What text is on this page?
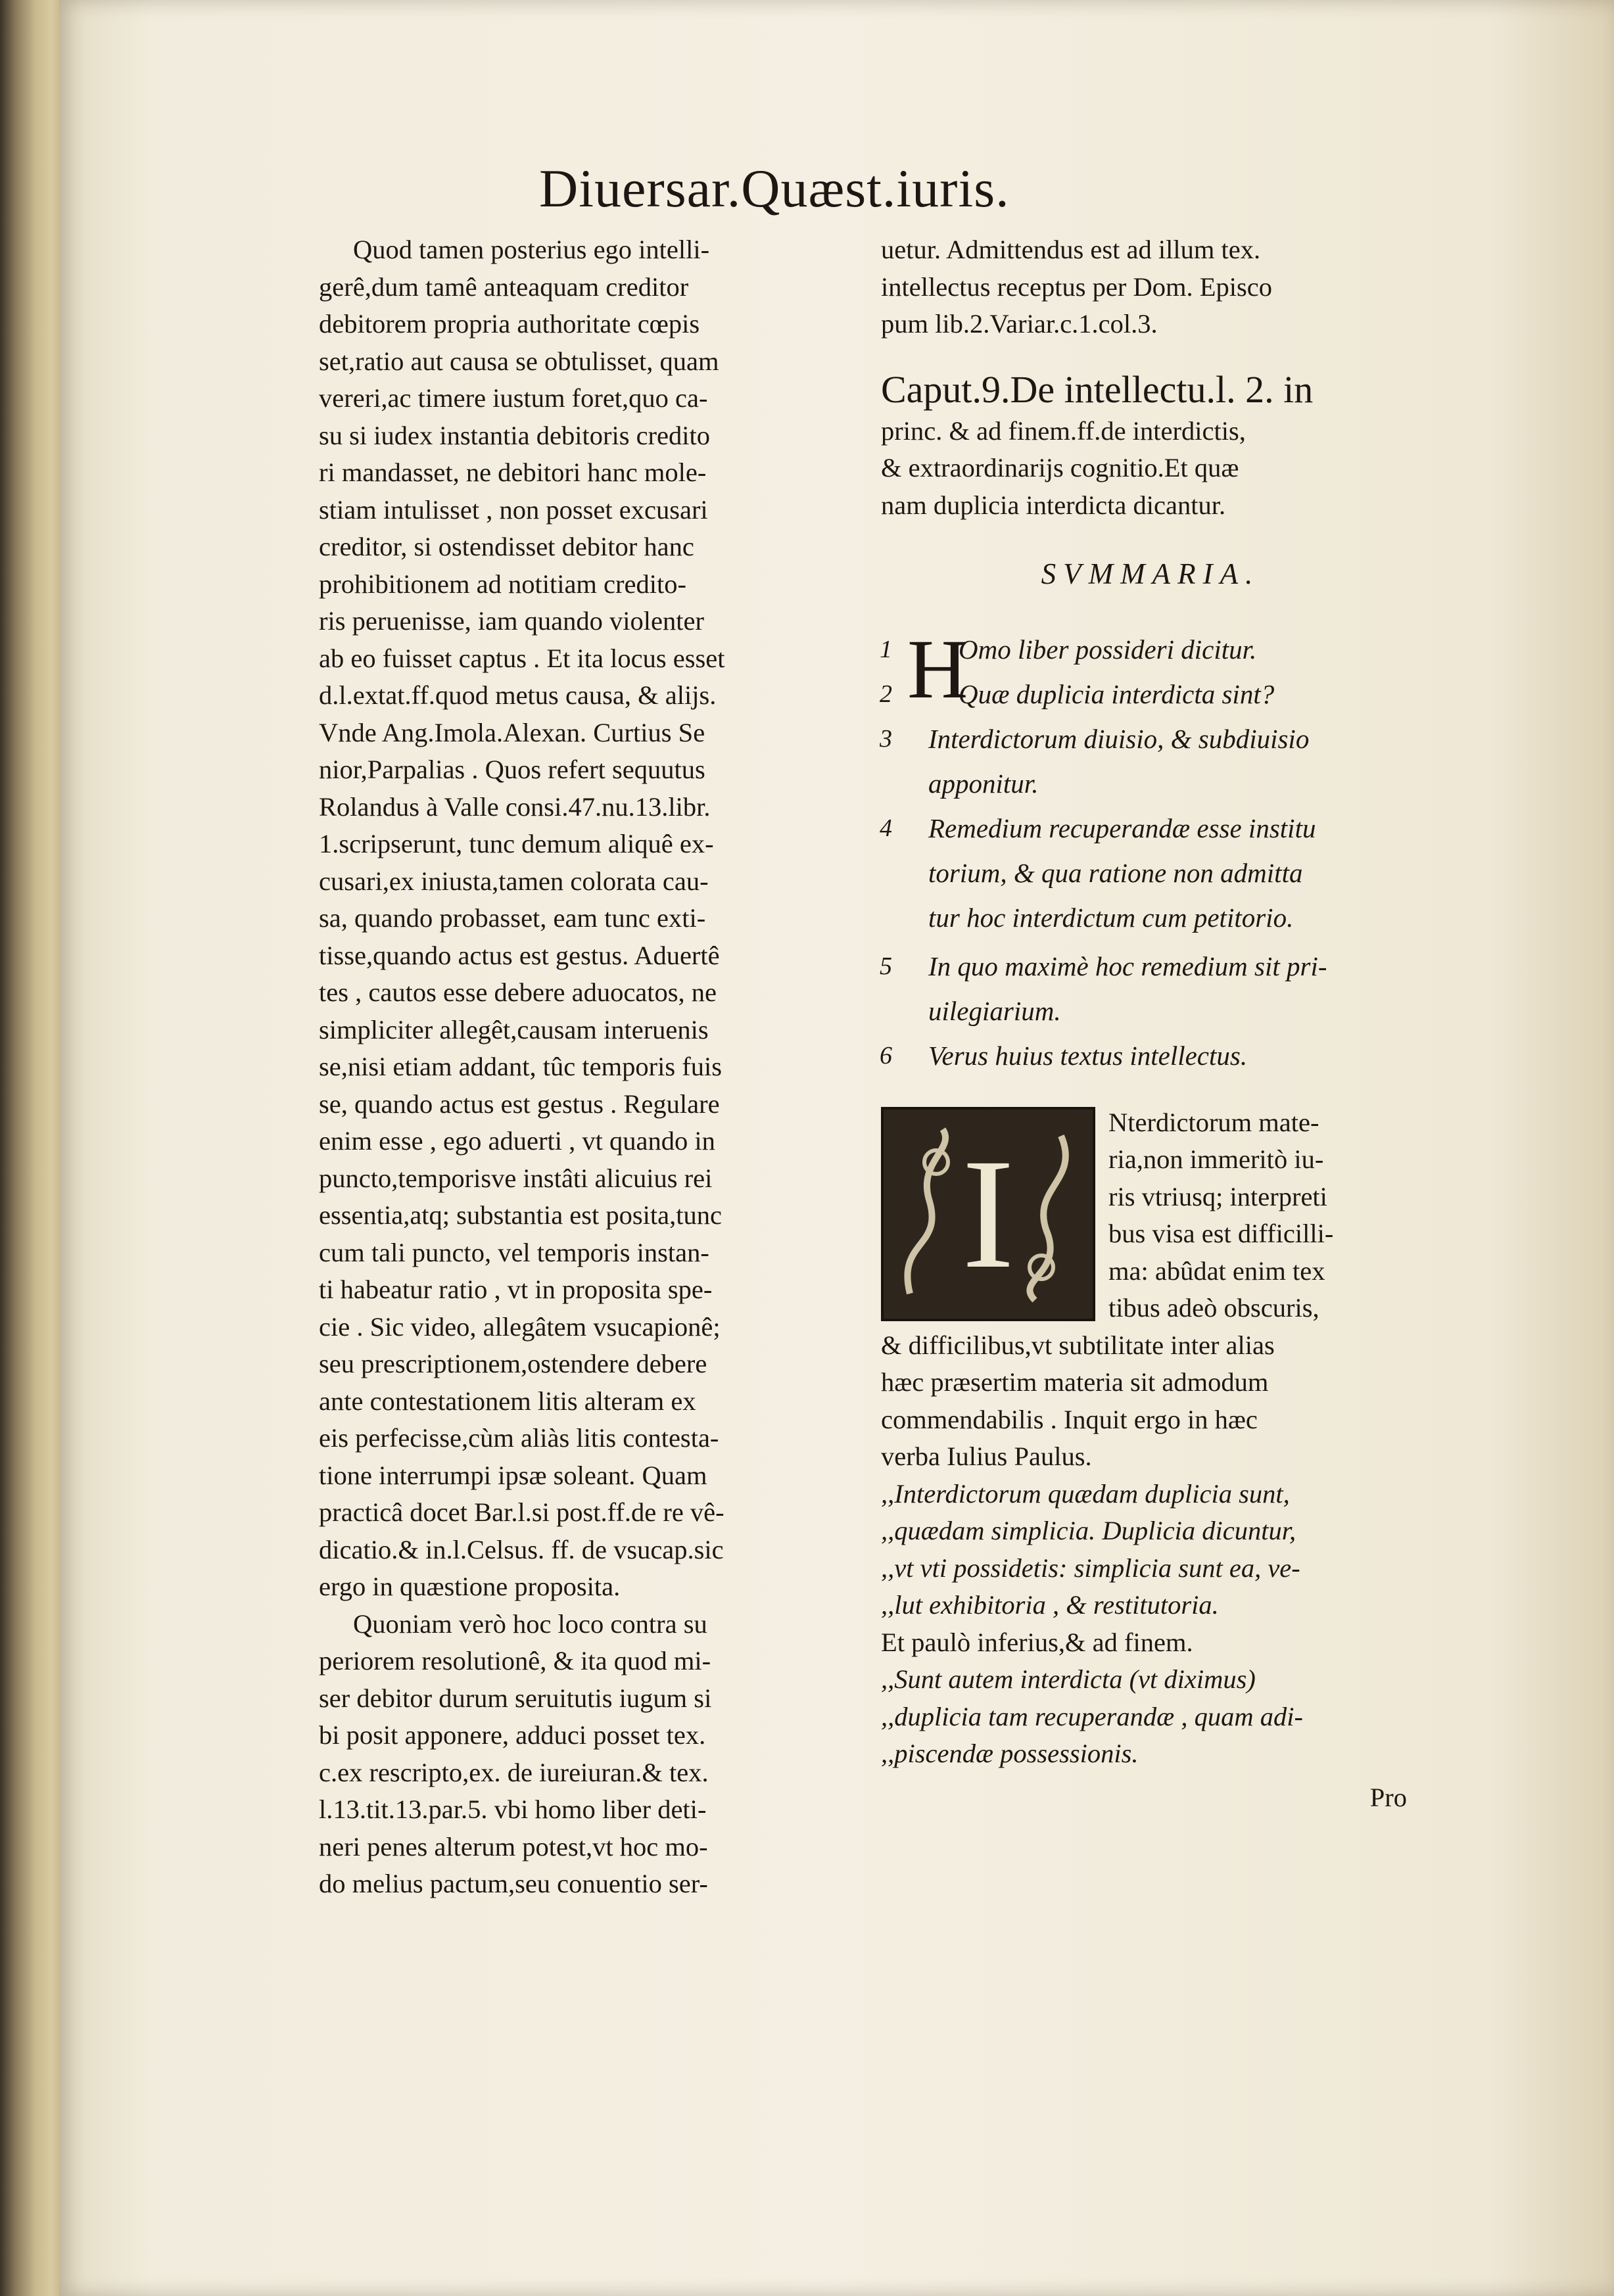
Diuersar.Quæst.iuris.
Quod tamen posterius ego intelli-
gerê,dum tamê anteaquam creditor
debitorem propria authoritate cœpis
set,ratio aut causa se obtulisset, quam
vereri,ac timere iustum foret,quo ca-
su si iudex instantia debitoris credito
ri mandasset, ne debitori hanc mole-
stiam intulisset , non posset excusari
creditor, si ostendisset debitor hanc
prohibitionem ad notitiam credito-
ris peruenisse, iam quando violenter
ab eo fuisset captus . Et ita locus esset
d.l.extat.ff.quod metus causa, & alijs.
Vnde Ang.Imola.Alexan. Curtius Se
nior,Parpalias . Quos refert sequutus
Rolandus à Valle consi.47.nu.13.libr.
1.scripserunt, tunc demum aliquê ex-
cusari,ex iniusta,tamen colorata cau-
sa, quando probasset, eam tunc exti-
tisse,quando actus est gestus. Aduertê
tes , cautos esse debere aduocatos, ne
simpliciter allegêt,causam interuenis
se,nisi etiam addant, tûc temporis fuis
se, quando actus est gestus . Regulare
enim esse , ego aduerti , vt quando in
puncto,temporisve instâti alicuius rei
essentia,atq; substantia est posita,tunc
cum tali puncto, vel temporis instan-
ti habeatur ratio , vt in proposita spe-
cie . Sic video, allegâtem vsucapionê;
seu prescriptionem,ostendere debere
ante contestationem litis alteram ex
eis perfecisse,cùm aliàs litis contesta-
tione interrumpi ipsæ soleant. Quam
practicâ docet Bar.l.si post.ff.de re vê-
dicatio.& in.l.Celsus. ff. de vsucap.sic
ergo in quæstione proposita.
Quoniam verò hoc loco contra su
periorem resolutionê, & ita quod mi-
ser debitor durum seruitutis iugum si
bi posit apponere, adduci posset tex.
c.ex rescripto,ex. de iureiuran.& tex.
l.13.tit.13.par.5. vbi homo liber deti-
neri penes alterum potest,vt hoc mo-
do melius pactum,seu conuentio ser-
uetur. Admittendus est ad illum tex.
intellectus receptus per Dom. Episco
pum lib.2.Variar.c.1.col.3.
Caput.9.De intellectu.l. 2. in
princ. & ad finem.ff.de interdictis,
& extraordinarijs cognitio.Et quæ
nam duplicia interdicta dicantur.
SVMMARIA.
1	Omo liber possideri dicitur.
2	Quæ duplicia interdicta sint?
3	Interdictorum diuisio, & subdiuisio
apponitur.
4	Remedium recuperandæ esse institu
torium, & qua ratione non admitta
tur hoc interdictum cum petitorio.
5	In quo maximè hoc remedium sit pri-
uilegiarium.
6	Verus huius textus intellectus.
H
I
Nterdictorum mate-
ria,non immeritò iu-
ris vtriusq; interpreti
bus visa est difficilli-
ma: abûdat enim tex
tibus adeò obscuris,
& difficilibus,vt subtilitate inter alias
hæc præsertim materia sit admodum
commendabilis . Inquit ergo in hæc
verba Iulius Paulus.
,,Interdictorum quædam duplicia sunt,
,,quædam simplicia. Duplicia dicuntur,
,,vt vti possidetis: simplicia sunt ea, ve-
,,lut exhibitoria , & restitutoria.
Et paulò inferius,& ad finem.
,,Sunt autem interdicta (vt diximus)
,,duplicia tam recuperandæ , quam adi-
,,piscendæ possessionis.
Pro
